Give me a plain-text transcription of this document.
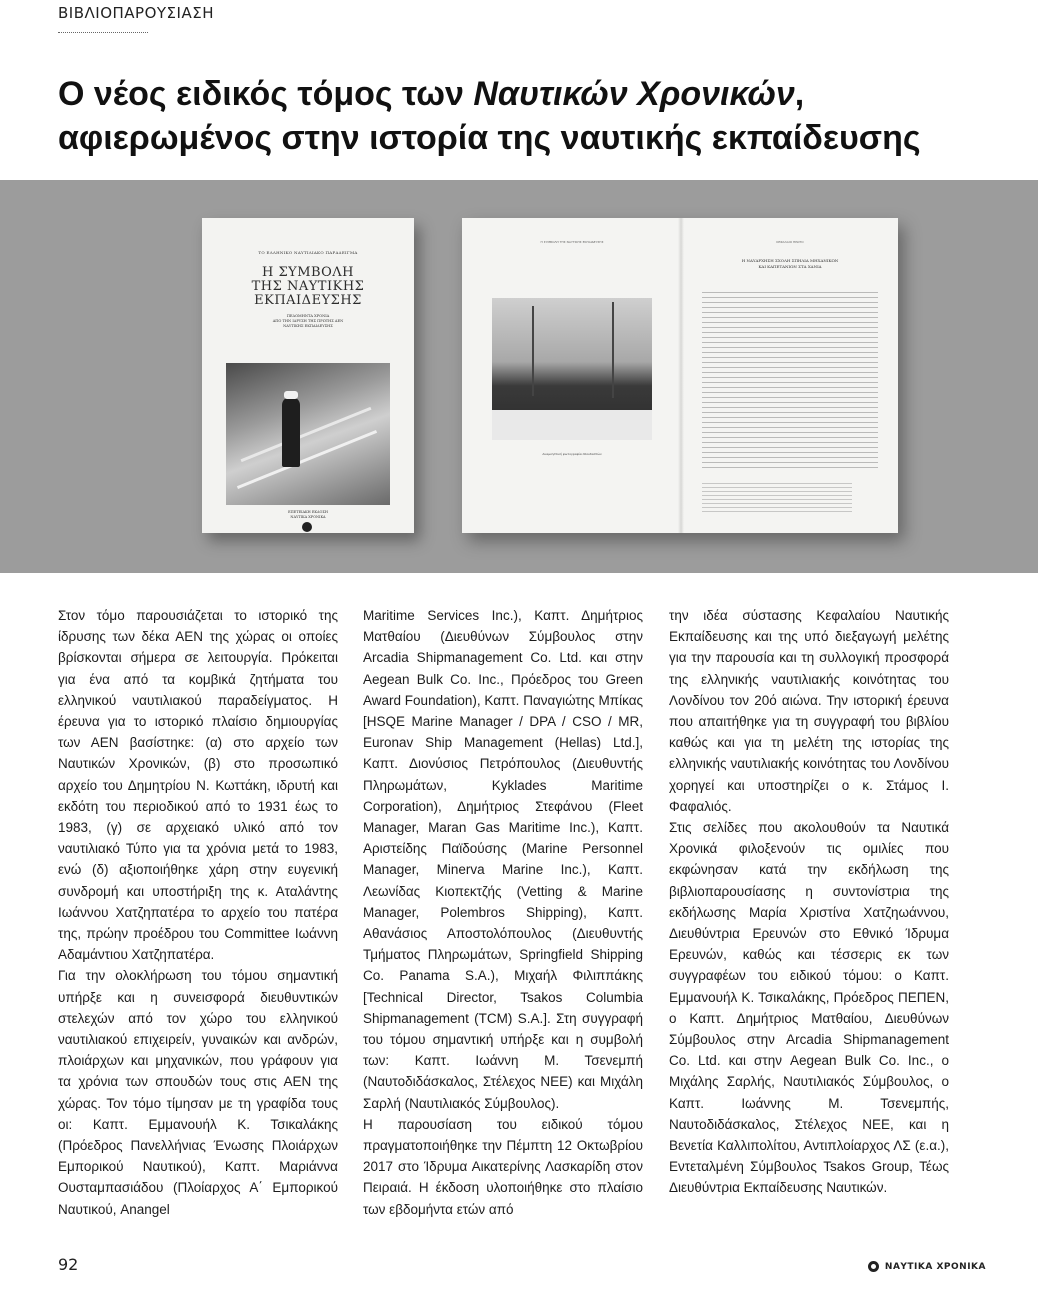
ΒΙΒΛΙΟΠΑΡΟΥΣΙΑΣΗ
Ο νέος ειδικός τόμος των Ναυτικών Χρονικών,
αφιερωμένος στην ιστορία της ναυτικής εκπαίδευσης
ΤΟ ΕΛΛΗΝΙΚΟ ΝΑΥΤΙΛΙΑΚΟ ΠΑΡΑΔΕΙΓΜΑ
Η ΣΥΜΒΟΛΗ
ΤΗΣ ΝΑΥΤΙΚΗΣ
ΕΚΠΑΙΔΕΥΣΗΣ
ΠΕΔΟΜΗΝΤΑ ΧΡΟΝΙΑ
ΑΠΟ ΤΗΝ ΙΔΡΥΣΗ ΤΗΣ ΠΡΩΤΗΣ ΑΕΝ
ΝΑΥΤΙΚΗΣ ΕΚΠΑΙΔΕΥΣΗΣ
ΕΠΕΤΕΙΑΚΗ ΕΚΔΟΣΗ
ΝΑΥΤΙΚΑ ΧΡΟΝΙΚΑ
Η ΣΥΜΒΟΛΗ ΤΗΣ ΝΑΥΤΙΚΗΣ ΕΚΠΑΙΔΕΥΣΗΣ	ΚΕΦΑΛΑΙΟ ΠΡΩΤΟ
Αναμνηστική φωτογραφία σπουδαστών
Η ΝΑΥΑΡΧΗΣΗ ΣΧΟΛΗ ΣΠΗΛΙΑ ΜΗΧΑΝΙΚΩΝ
ΚΑΙ ΚΑΠΕΤΑΝΙΩΝ ΣΤΑ ΧΑΝΙΑ
Στον τόμο παρουσιάζεται το ιστορικό της ίδρυσης των δέκα ΑΕΝ της χώρας οι οποίες βρίσκονται σήμερα σε λειτουργία. Πρόκειται για ένα από τα κομβικά ζητήματα του ελληνικού ναυτιλιακού παραδείγματος. Η έρευνα για το ιστορικό πλαίσιο δημιουργίας των ΑΕΝ βασίστηκε: (α) στο αρχείο των Ναυτικών Χρονικών, (β) στο προσωπικό αρχείο του Δημητρίου Ν. Κωττάκη, ιδρυτή και εκδότη του περιοδικού από το 1931 έως το 1983, (γ) σε αρχειακό υλικό από τον ναυτιλιακό Τύπο για τα χρόνια μετά το 1983, ενώ (δ) αξιοποιήθηκε χάρη στην ευγενική συνδρομή και υποστήριξη της κ. Αταλάντης Ιωάννου Χατζηπατέρα το αρχείο του πατέρα της, πρώην προέδρου του Committee Ιωάννη Αδαμάντιου Χατζηπατέρα.
Για την ολοκλήρωση του τόμου σημαντική υπήρξε και η συνεισφορά διευθυντικών στελεχών από τον χώρο του ελληνικού ναυτιλιακού επιχειρείν, γυναικών και ανδρών, πλοιάρχων και μηχανικών, που γράφουν για τα χρόνια των σπουδών τους στις ΑΕΝ της χώρας. Τον τόμο τίμησαν με τη γραφίδα τους οι: Καπτ. Εμμανουήλ Κ. Τσικαλάκης (Πρόεδρος Πανελλήνιας Ένωσης Πλοιάρχων Εμπορικού Ναυτικού), Καπτ. Μαριάννα Ουσταμπασιάδου (Πλοίαρχος Α΄ Εμπορικού Ναυτικού, Anangel
Maritime Services Inc.), Καπτ. Δημήτριος Ματθαίου (Διευθύνων Σύμβουλος στην Arcadia Shipmanagement Co. Ltd. και στην Aegean Bulk Co. Inc., Πρόεδρος του Green Award Foundation), Καπτ. Παναγιώτης Μπίκας [HSQE Marine Manager / DPA / CSO / MR, Euronav Ship Management (Hellas) Ltd.], Καπτ. Διονύσιος Πετρόπουλος (Διευθυντής Πληρωμάτων, Kyklades Maritime Corporation), Δημήτριος Στεφάνου (Fleet Manager, Maran Gas Maritime Inc.), Καπτ. Αριστείδης Παϊδούσης (Marine Personnel Manager, Minerva Marine Inc.), Καπτ. Λεωνίδας Κιοπεκτζής (Vetting & Marine Manager, Polembros Shipping), Καπτ. Αθανάσιος Αποστολόπουλος (Διευθυντής Τμήματος Πληρωμάτων, Springfield Shipping Co. Panama S.A.), Μιχαήλ Φιλιππάκης [Technical Director, Tsakos Columbia Shipmanagement (TCM) S.A.]. Στη συγγραφή του τόμου σημαντική υπήρξε και η συμβολή των: Καπτ. Ιωάννη Μ. Τσενεμπή (Ναυτοδιδάσκαλος, Στέλεχος ΝΕΕ) και Μιχάλη Σαρλή (Ναυτιλιακός Σύμβουλος).
Η παρουσίαση του ειδικού τόμου πραγματοποιήθηκε την Πέμπτη 12 Οκτωβρίου 2017 στο Ίδρυμα Αικατερίνης Λασκαρίδη στον Πειραιά. Η έκδοση υλοποιήθηκε στο πλαίσιο των εβδομήντα ετών από
την ιδέα σύστασης Κεφαλαίου Ναυτικής Εκπαίδευσης και της υπό διεξαγωγή μελέτης για την παρουσία και τη συλλογική προσφορά της ελληνικής ναυτιλιακής κοινότητας του Λονδίνου τον 20ό αιώνα. Την ιστορική έρευνα που απαιτήθηκε για τη συγγραφή του βιβλίου καθώς και για τη μελέτη της ιστορίας της ελληνικής ναυτιλιακής κοινότητας του Λονδίνου χορηγεί και υποστηρίζει ο κ. Στάμος Ι. Φαφαλιός.
Στις σελίδες που ακολουθούν τα Ναυτικά Χρονικά φιλοξενούν τις ομιλίες που εκφώνησαν κατά την εκδήλωση της βιβλιοπαρουσίασης η συντονίστρια της εκδήλωσης Μαρία Χριστίνα Χατζηωάννου, Διευθύντρια Ερευνών στο Εθνικό Ίδρυμα Ερευνών, καθώς και τέσσερις εκ των συγγραφέων του ειδικού τόμου: ο Καπτ. Εμμανουήλ Κ. Τσικαλάκης, Πρόεδρος ΠΕΠΕΝ, ο Καπτ. Δημήτριος Ματθαίου, Διευθύνων Σύμβουλος στην Arcadia Shipmanagement Co. Ltd. και στην Aegean Bulk Co. Inc., ο Μιχάλης Σαρλής, Ναυτιλιακός Σύμβουλος, ο Καπτ. Ιωάννης Μ. Τσενεμπής, Ναυτοδιδάσκαλος, Στέλεχος ΝΕΕ, και η Βενετία Καλλιπολίτου, Αντιπλοίαρχος ΛΣ (ε.α.), Εντεταλμένη Σύμβουλος Tsakos Group, Τέως Διευθύντρια Εκπαίδευσης Ναυτικών.
92	ΝΑΥΤΙΚΑ ΧΡΟΝΙΚΑ
